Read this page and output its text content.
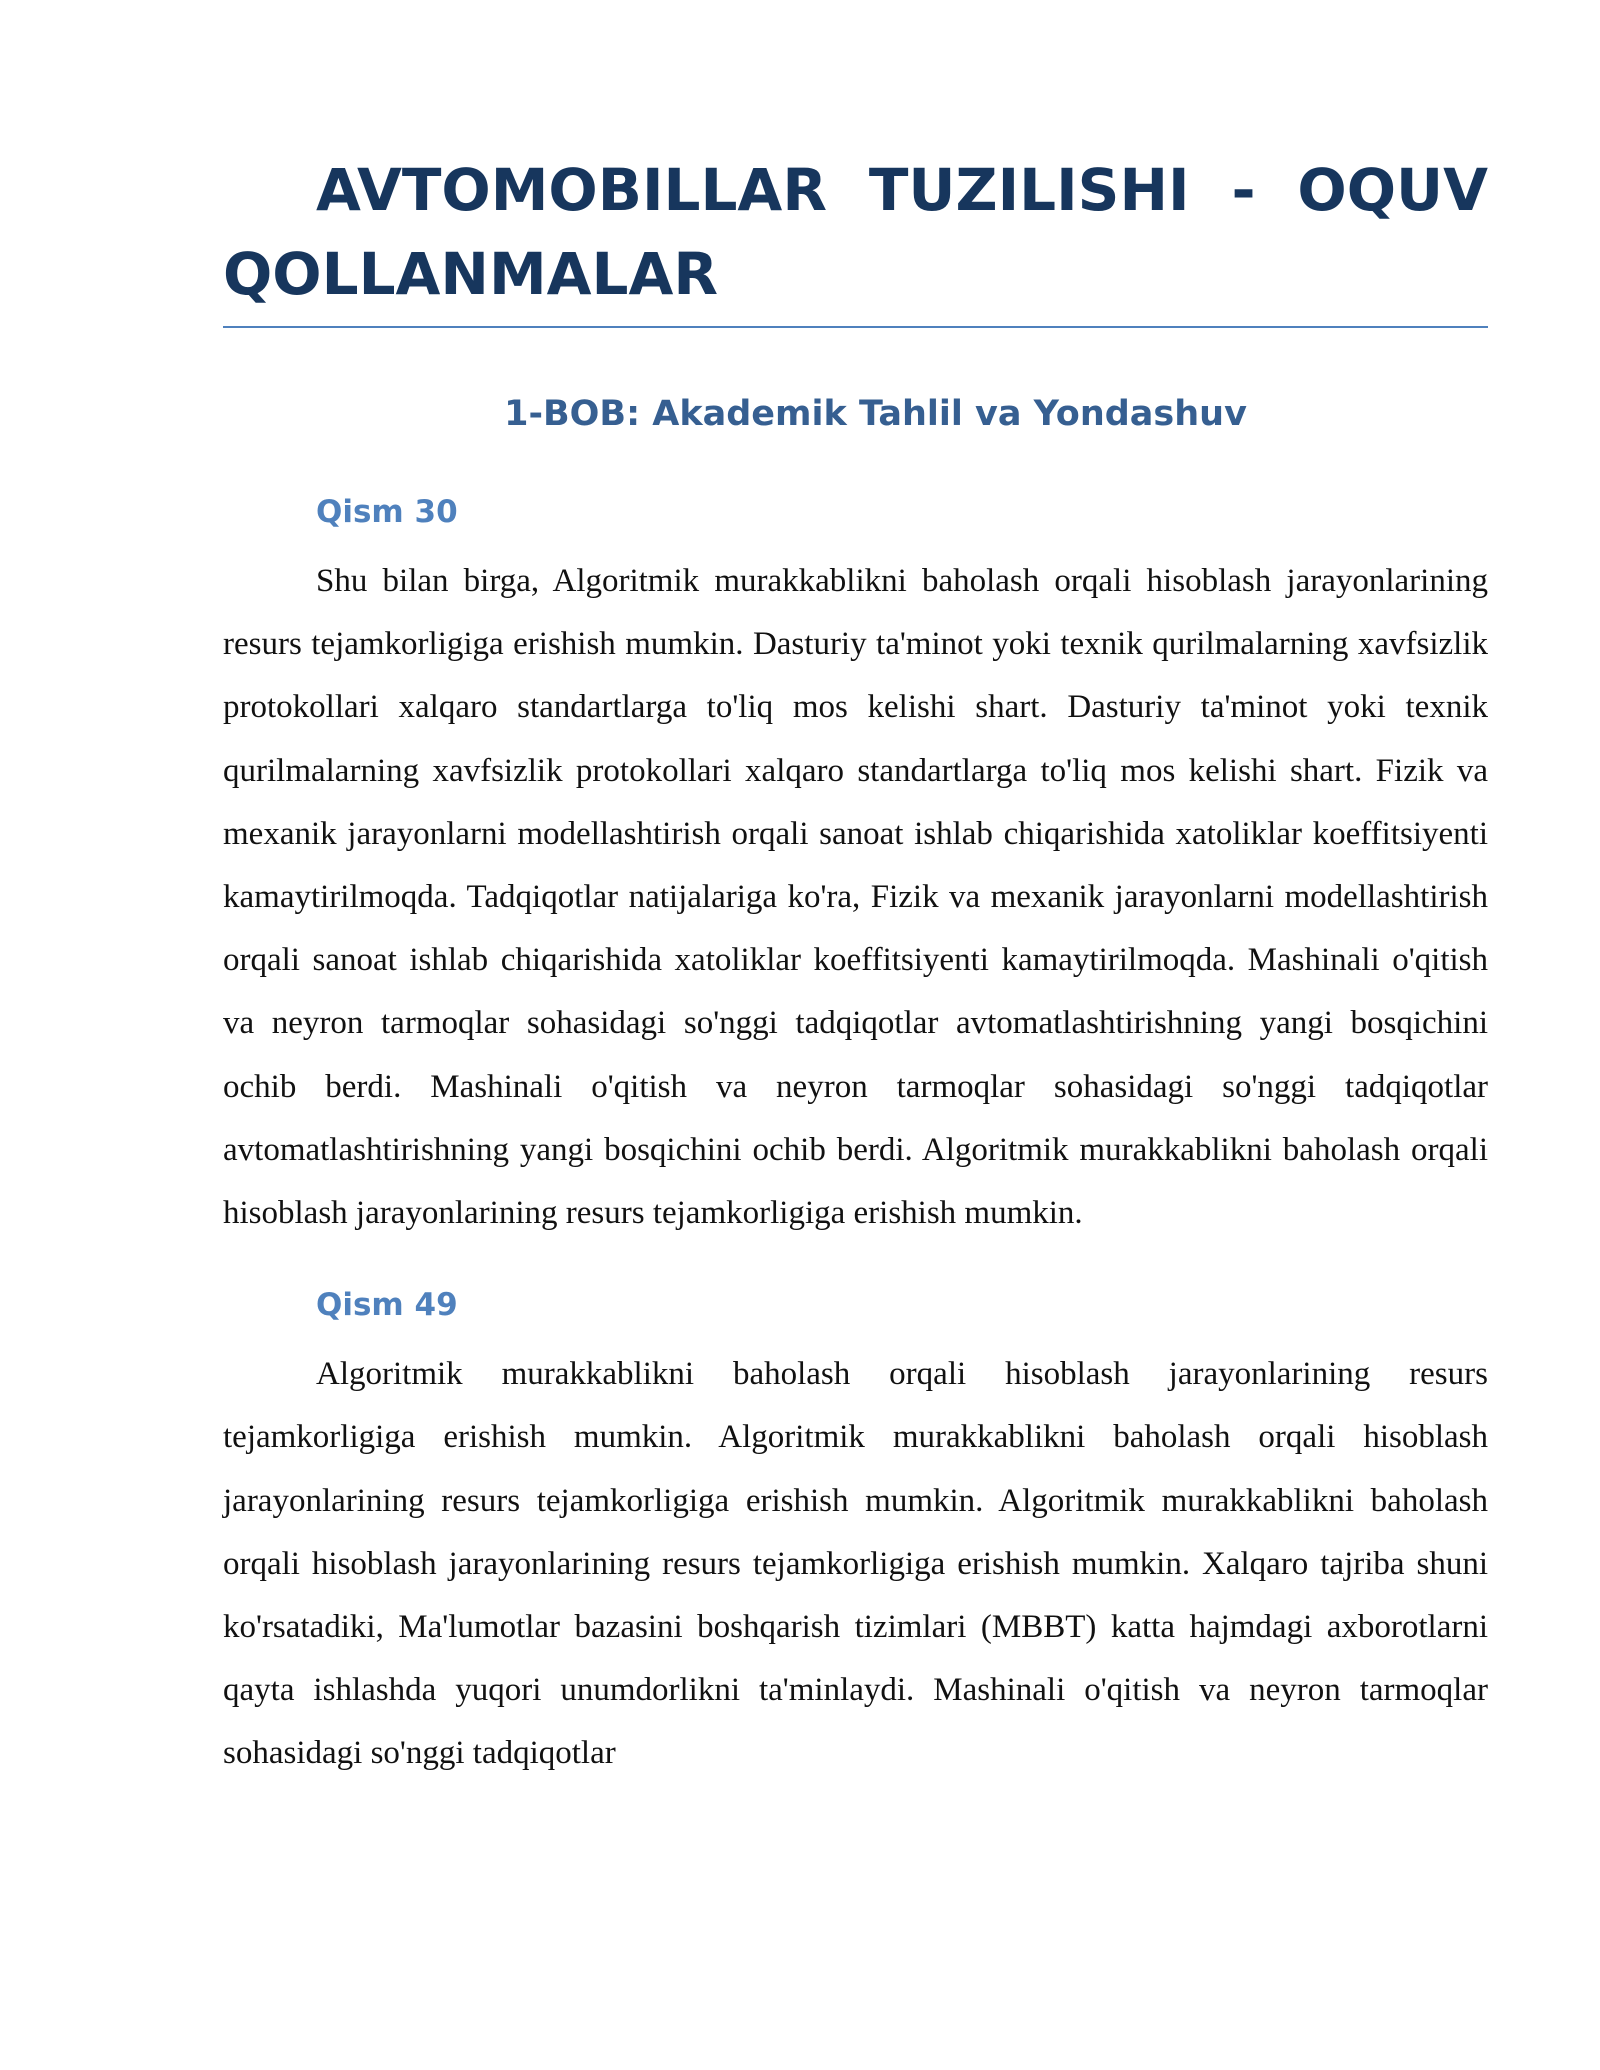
AVTOMOBILLAR TUZILISHI - OQUV QOLLANMALAR
1-BOB: Akademik Tahlil va Yondashuv
Qism 30

Shu bilan birga, Algoritmik murakkablikni baholash orqali hisoblash jarayonlarining resurs tejamkorligiga erishish mumkin. Dasturiy ta'minot yoki texnik qurilmalarning xavfsizlik protokollari xalqaro standartlarga to'liq mos kelishi shart. Dasturiy ta'minot yoki texnik qurilmalarning xavfsizlik protokollari xalqaro standartlarga to'liq mos kelishi shart. Fizik va mexanik jarayonlarni modellashtirish orqali sanoat ishlab chiqarishida xatoliklar koeffitsiyenti kamaytirilmoqda. Tadqiqotlar natijalariga ko'ra, Fizik va mexanik jarayonlarni modellashtirish orqali sanoat ishlab chiqarishida xatoliklar koeffitsiyenti kamaytirilmoqda. Mashinali o'qitish va neyron tarmoqlar sohasidagi so'nggi tadqiqotlar avtomatlashtirishning yangi bosqichini ochib berdi. Mashinali o'qitish va neyron tarmoqlar sohasidagi so'nggi tadqiqotlar avtomatlashtirishning yangi bosqichini ochib berdi. Algoritmik murakkablikni baholash orqali hisoblash jarayonlarining resurs tejamkorligiga erishish mumkin.

Qism 49

Algoritmik murakkablikni baholash orqali hisoblash jarayonlarining resurs tejamkorligiga erishish mumkin. Algoritmik murakkablikni baholash orqali hisoblash jarayonlarining resurs tejamkorligiga erishish mumkin. Algoritmik murakkablikni baholash orqali hisoblash jarayonlarining resurs tejamkorligiga erishish mumkin. Xalqaro tajriba shuni ko'rsatadiki, Ma'lumotlar bazasini boshqarish tizimlari (MBBT) katta hajmdagi axborotlarni qayta ishlashda yuqori unumdorlikni ta'minlaydi. Mashinali o'qitish va neyron tarmoqlar sohasidagi so'nggi tadqiqotlar
